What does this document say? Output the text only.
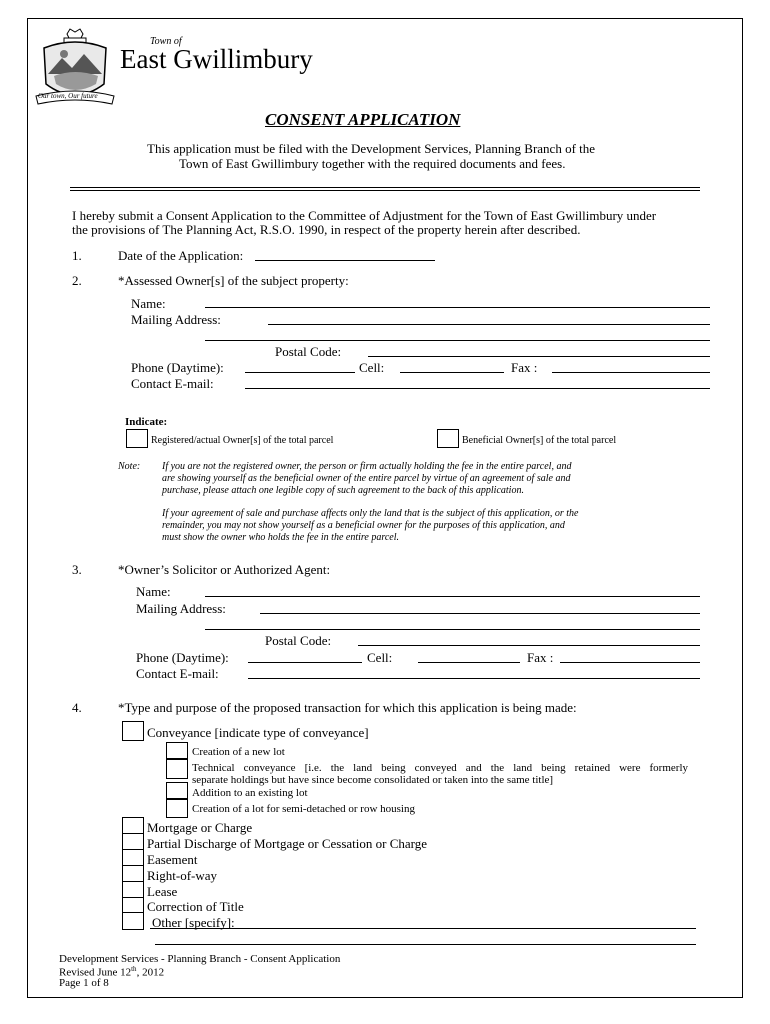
Our town, Our future
Town of
East Gwillimbury
CONSENT APPLICATION
This application must be filed with the Development Services, Planning Branch of the
Town of East Gwillimbury together with the required documents and fees.
I hereby submit a Consent Application to the Committee of Adjustment for the Town of East Gwillimbury under
the provisions of The Planning Act, R.S.O. 1990, in respect of the property herein after described.
1.	Date of the Application:
2.	*Assessed Owner[s] of the subject property:
Name:
Mailing Address:
Postal Code:
Phone (Daytime):	Cell:	Fax :
Contact E-mail:
Indicate:
Registered/actual Owner[s] of the total parcel	Beneficial Owner[s] of the total parcel
Note: If you are not the registered owner, the person or firm actually holding the fee in the entire parcel, and
are showing yourself as the beneficial owner of the entire parcel by virtue of an agreement of sale and
purchase, please attach one legible copy of such agreement to the back of this application.
If your agreement of sale and purchase affects only the land that is the subject of this application, or the
remainder, you may not show yourself as a beneficial owner for the purposes of this application, and
must show the owner who holds the fee in the entire parcel.
3.	*Owner’s Solicitor or Authorized Agent:
Name:
Mailing Address:
Postal Code:
Phone (Daytime):	Cell:	Fax :
Contact E-mail:
4.	*Type and purpose of the proposed transaction for which this application is being made:
Conveyance [indicate type of conveyance]
Creation of a new lot
Technical conveyance [i.e. the land being conveyed and the land being retained were formerly
separate holdings but have since become consolidated or taken into the same title]
Addition to an existing lot
Creation of a lot for semi-detached or row housing
Mortgage or Charge
Partial Discharge of Mortgage or Cessation or Charge
Easement
Right-of-way
Lease
Correction of Title
Other [specify]:
Development Services - Planning Branch - Consent Application
Revised June 12th, 2012
Page 1 of 8
